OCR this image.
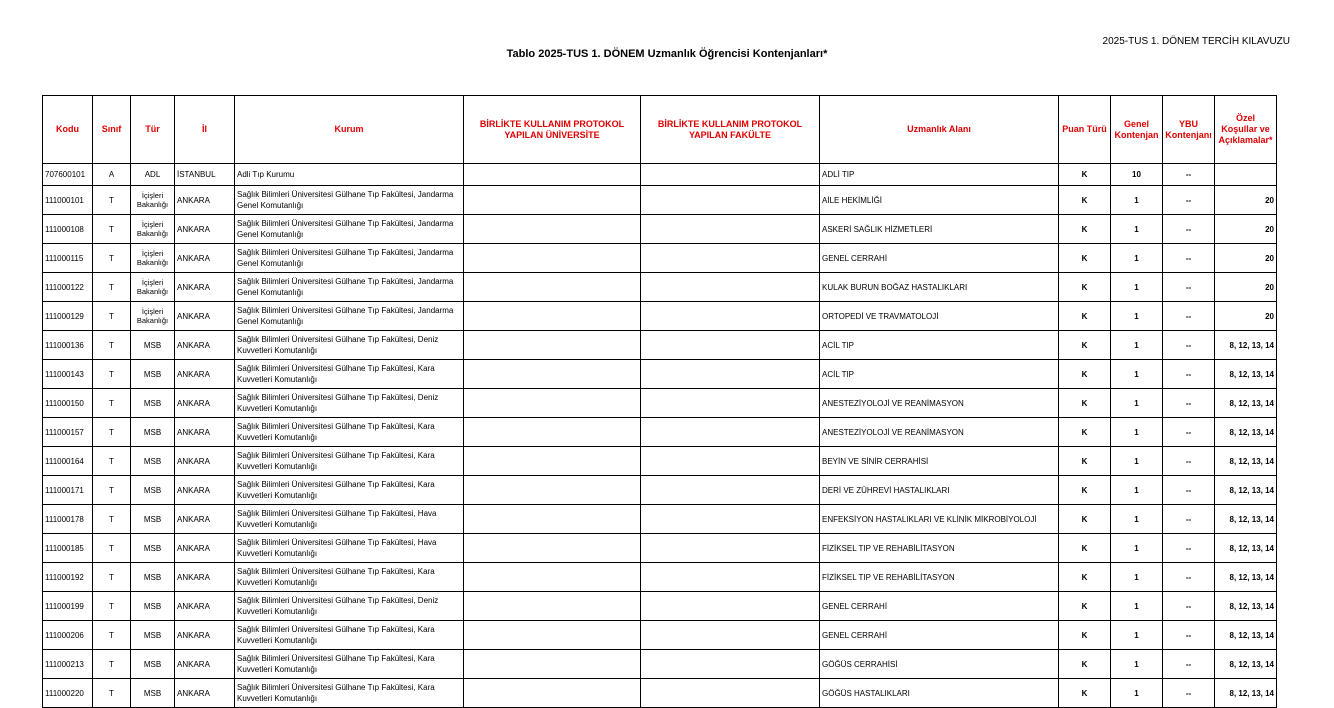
2025-TUS 1. DÖNEM TERCİH KILAVUZU
Tablo 2025-TUS 1. DÖNEM Uzmanlık Öğrencisi Kontenjanları*
Kodu	Sınıf	Tür	İl	Kurum	BİRLİKTE KULLANIM PROTOKOL YAPILAN ÜNİVERSİTE	BİRLİKTE KULLANIM PROTOKOL YAPILAN FAKÜLTE	Uzmanlık Alanı	Puan Türü	Genel Kontenjan	YBU Kontenjanı	Özel Koşullar ve Açıklamalar*
707600101	A	ADL	İSTANBUL	Adli Tıp Kurumu			ADLİ TIP	K	10	--	
111000101	T	İçişleri Bakanlığı	ANKARA	Sağlık Bilimleri Üniversitesi Gülhane Tıp Fakültesi, Jandarma Genel Komutanlığı			AİLE HEKİMLİĞİ	K	1	--	20
111000108	T	İçişleri Bakanlığı	ANKARA	Sağlık Bilimleri Üniversitesi Gülhane Tıp Fakültesi, Jandarma Genel Komutanlığı			ASKERİ SAĞLIK HİZMETLERİ	K	1	--	20
111000115	T	İçişleri Bakanlığı	ANKARA	Sağlık Bilimleri Üniversitesi Gülhane Tıp Fakültesi, Jandarma Genel Komutanlığı			GENEL CERRAHİ	K	1	--	20
111000122	T	İçişleri Bakanlığı	ANKARA	Sağlık Bilimleri Üniversitesi Gülhane Tıp Fakültesi, Jandarma Genel Komutanlığı			KULAK BURUN BOĞAZ HASTALIKLARI	K	1	--	20
111000129	T	İçişleri Bakanlığı	ANKARA	Sağlık Bilimleri Üniversitesi Gülhane Tıp Fakültesi, Jandarma Genel Komutanlığı			ORTOPEDİ VE TRAVMATOLOJİ	K	1	--	20
111000136	T	MSB	ANKARA	Sağlık Bilimleri Üniversitesi Gülhane Tıp Fakültesi, Deniz Kuvvetleri Komutanlığı			ACİL TIP	K	1	--	8, 12, 13, 14
111000143	T	MSB	ANKARA	Sağlık Bilimleri Üniversitesi Gülhane Tıp Fakültesi, Kara Kuvvetleri Komutanlığı			ACİL TIP	K	1	--	8, 12, 13, 14
111000150	T	MSB	ANKARA	Sağlık Bilimleri Üniversitesi Gülhane Tıp Fakültesi, Deniz Kuvvetleri Komutanlığı			ANESTEZİYOLOJİ VE REANİMASYON	K	1	--	8, 12, 13, 14
111000157	T	MSB	ANKARA	Sağlık Bilimleri Üniversitesi Gülhane Tıp Fakültesi, Kara Kuvvetleri Komutanlığı			ANESTEZİYOLOJİ VE REANİMASYON	K	1	--	8, 12, 13, 14
111000164	T	MSB	ANKARA	Sağlık Bilimleri Üniversitesi Gülhane Tıp Fakültesi, Kara Kuvvetleri Komutanlığı			BEYİN VE SİNİR CERRAHİSİ	K	1	--	8, 12, 13, 14
111000171	T	MSB	ANKARA	Sağlık Bilimleri Üniversitesi Gülhane Tıp Fakültesi, Kara Kuvvetleri Komutanlığı			DERİ VE ZÜHREVİ HASTALIKLARI	K	1	--	8, 12, 13, 14
111000178	T	MSB	ANKARA	Sağlık Bilimleri Üniversitesi Gülhane Tıp Fakültesi, Hava Kuvvetleri Komutanlığı			ENFEKSİYON HASTALIKLARI VE KLİNİK MİKROBİYOLOJİ	K	1	--	8, 12, 13, 14
111000185	T	MSB	ANKARA	Sağlık Bilimleri Üniversitesi Gülhane Tıp Fakültesi, Hava Kuvvetleri Komutanlığı			FİZİKSEL TIP VE REHABİLİTASYON	K	1	--	8, 12, 13, 14
111000192	T	MSB	ANKARA	Sağlık Bilimleri Üniversitesi Gülhane Tıp Fakültesi, Kara Kuvvetleri Komutanlığı			FİZİKSEL TIP VE REHABİLİTASYON	K	1	--	8, 12, 13, 14
111000199	T	MSB	ANKARA	Sağlık Bilimleri Üniversitesi Gülhane Tıp Fakültesi, Deniz Kuvvetleri Komutanlığı			GENEL CERRAHİ	K	1	--	8, 12, 13, 14
111000206	T	MSB	ANKARA	Sağlık Bilimleri Üniversitesi Gülhane Tıp Fakültesi, Kara Kuvvetleri Komutanlığı			GENEL CERRAHİ	K	1	--	8, 12, 13, 14
111000213	T	MSB	ANKARA	Sağlık Bilimleri Üniversitesi Gülhane Tıp Fakültesi, Kara Kuvvetleri Komutanlığı			GÖĞÜS CERRAHİSİ	K	1	--	8, 12, 13, 14
111000220	T	MSB	ANKARA	Sağlık Bilimleri Üniversitesi Gülhane Tıp Fakültesi, Kara Kuvvetleri Komutanlığı			GÖĞÜS HASTALIKLARI	K	1	--	8, 12, 13, 14
